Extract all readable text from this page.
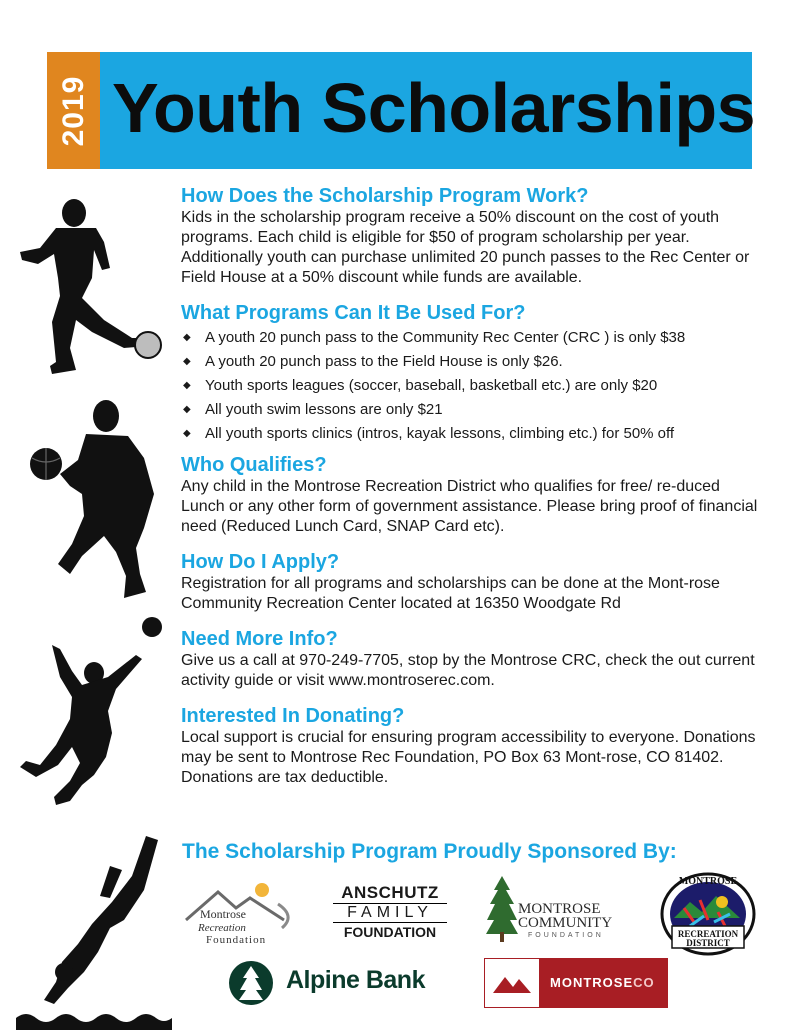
2019 Youth Scholarships
How Does the Scholarship Program Work?

Kids in the scholarship program receive a 50% discount on the cost of youth programs. Each child is eligible for $50 of program scholarship per year. Additionally youth can purchase unlimited 20 punch passes to the Rec Center or Field House at a 50% discount while funds are available.

What Programs Can It Be Used For?
◆ A youth 20 punch pass to the Community Rec Center (CRC ) is only $38
◆ A youth 20 punch pass to the Field House is only $26.
◆ Youth sports leagues (soccer, baseball, basketball etc.) are only $20
◆ All youth swim lessons are only $21
◆ All youth sports clinics (intros, kayak lessons, climbing etc.) for 50% off
Who Qualifies?

Any child in the Montrose Recreation District who qualifies for free/ re-duced Lunch or any other form of government assistance. Please bring proof of financial need (Reduced Lunch Card, SNAP Card etc).

How Do I Apply?

Registration for all programs and scholarships can be done at the Mont-rose Community Recreation Center located at 16350 Woodgate Rd

Need More Info?

Give us a call at 970-249-7705, stop by the Montrose CRC, check the out current activity guide or visit www.montroserec.com.

Interested In Donating?

Local support is crucial for ensuring program accessibility to everyone. Donations may be sent to Montrose Rec Foundation, PO Box 63 Mont-rose, CO 81402. Donations are tax deductible.

The Scholarship Program Proudly Sponsored By:
Montrose
Recreation
Foundation
ANSCHUTZ
FAMILY
FOUNDATION
MONTROSE
COMMUNITY
FOUNDATION
MONTROSE
RECREATION
DISTRICT
Alpine Bank	MONTROSECO
